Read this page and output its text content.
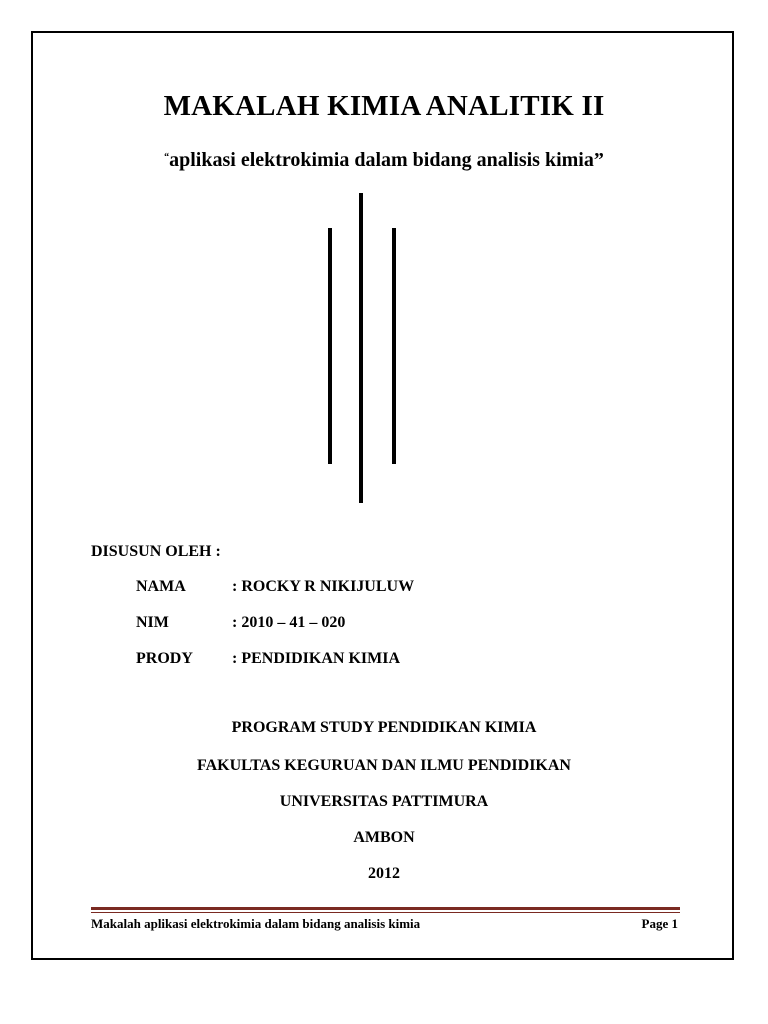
MAKALAH KIMIA ANALITIK II
“aplikasi elektrokimia dalam bidang analisis kimia”
DISUSUN OLEH :
NAMA	: ROCKY R NIKIJULUW
NIM	: 2010 – 41 – 020
PRODY : PENDIDIKAN KIMIA
PROGRAM STUDY PENDIDIKAN KIMIA
FAKULTAS KEGURUAN DAN ILMU PENDIDIKAN
UNIVERSITAS PATTIMURA
AMBON
2012
Makalah aplikasi elektrokimia dalam bidang analisis kimia	Page 1
